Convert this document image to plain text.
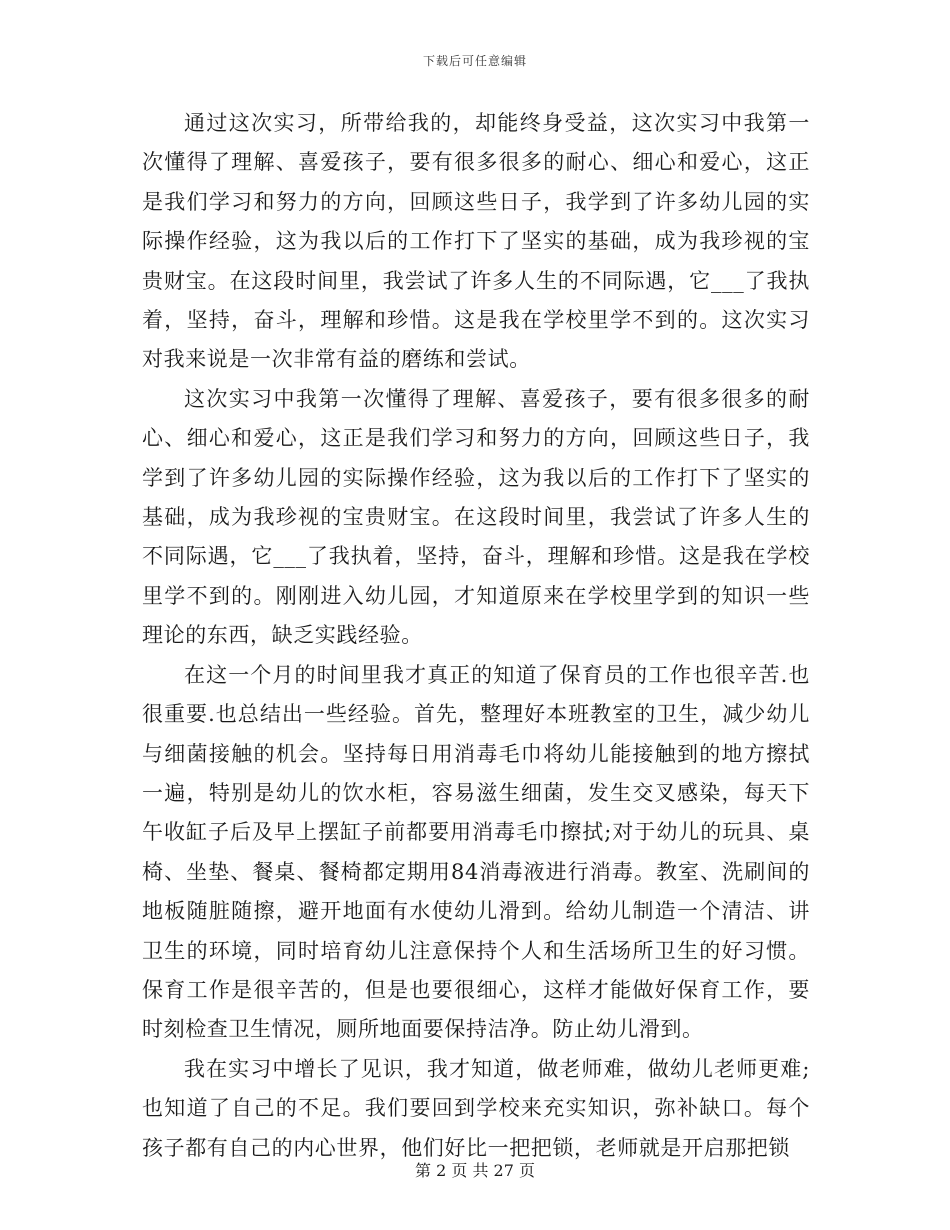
下载后可任意编辑

通过这次实习，所带给我的，却能终身受益，这次实习中我第一次懂得了理解、喜爱孩子，要有很多很多的耐心、细心和爱心，这正是我们学习和努力的方向，回顾这些日子，我学到了许多幼儿园的实际操作经验，这为我以后的工作打下了坚实的基础，成为我珍视的宝贵财宝。在这段时间里，我尝试了许多人生的不同际遇，它___了我执着，坚持，奋斗，理解和珍惜。这是我在学校里学不到的。这次实习对我来说是一次非常有益的磨练和尝试。

这次实习中我第一次懂得了理解、喜爱孩子，要有很多很多的耐心、细心和爱心，这正是我们学习和努力的方向，回顾这些日子，我学到了许多幼儿园的实际操作经验，这为我以后的工作打下了坚实的基础，成为我珍视的宝贵财宝。在这段时间里，我尝试了许多人生的不同际遇，它___了我执着，坚持，奋斗，理解和珍惜。这是我在学校里学不到的。刚刚进入幼儿园，才知道原来在学校里学到的知识一些理论的东西，缺乏实践经验。

在这一个月的时间里我才真正的知道了保育员的工作也很辛苦.也很重要.也总结出一些经验。首先，整理好本班教室的卫生，减少幼儿与细菌接触的机会。坚持每日用消毒毛巾将幼儿能接触到的地方擦拭一遍，特别是幼儿的饮水柜，容易滋生细菌，发生交叉感染，每天下午收缸子后及早上摆缸子前都要用消毒毛巾擦拭;对于幼儿的玩具、桌椅、坐垫、餐桌、餐椅都定期用84消毒液进行消毒。教室、洗刷间的地板随脏随擦，避开地面有水使幼儿滑到。给幼儿制造一个清洁、讲卫生的环境，同时培育幼儿注意保持个人和生活场所卫生的好习惯。保育工作是很辛苦的，但是也要很细心，这样才能做好保育工作，要时刻检查卫生情况，厕所地面要保持洁净。防止幼儿滑到。

我在实习中增长了见识，我才知道，做老师难，做幼儿老师更难;也知道了自己的不足。我们要回到学校来充实知识，弥补缺口。每个孩子都有自己的内心世界，他们好比一把把锁，老师就是开启那把锁

第 2 页 共 27 页
